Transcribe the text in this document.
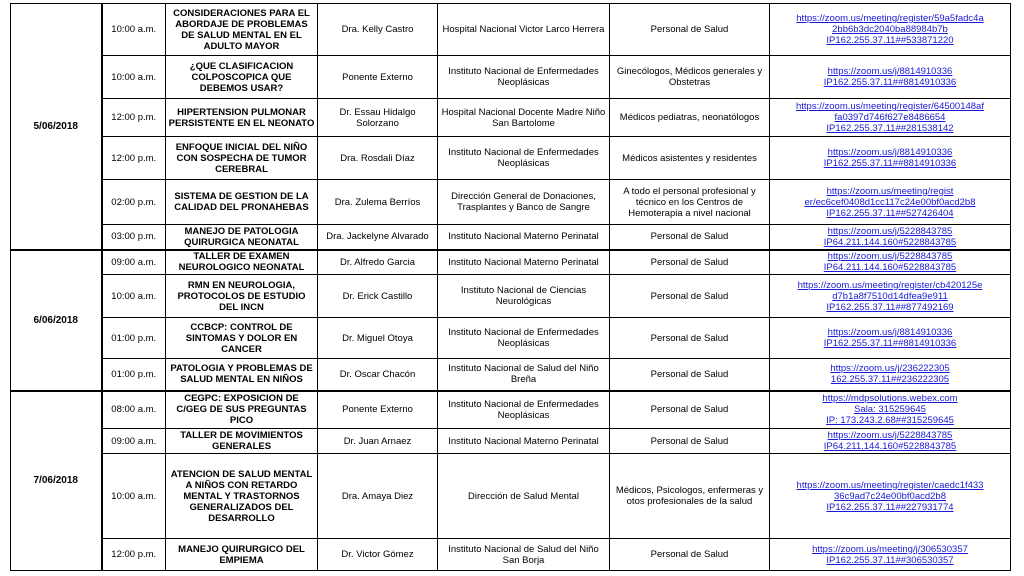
5/06/2018	10:00 a.m.	CONSIDERACIONES PARA EL ABORDAJE DE PROBLEMAS DE SALUD MENTAL EN EL ADULTO MAYOR	Dra. Kelly Castro	Hospital Nacional Victor Larco Herrera	Personal de Salud	https://zoom.us/meeting/register/59a5fadc4a
2bb6b3dc2040ba88984b7b
IP162.255.37.11##533871220

	10:00 a.m.	¿QUE CLASIFICACION COLPOSCOPICA QUE DEBEMOS USAR?	Ponente Externo	Instituto Nacional de Enfermedades Neoplásicas	Ginecólogos, Médicos generales y Obstetras	https://zoom.us/j/8814910336
IP162.255.37.11##8814910336

	12:00 p.m.	HIPERTENSION PULMONAR PERSISTENTE EN EL NEONATO	Dr. Essau Hidalgo Solorzano	Hospital Nacional Docente Madre Niño San Bartolome	Médicos pediatras, neonatólogos	https://zoom.us/meeting/register/64500148af
fa0397d746f627e8486654
IP162.255.37.11##281538142

	12:00 p.m.	ENFOQUE INICIAL DEL NIÑO CON SOSPECHA DE TUMOR CEREBRAL	Dra. Rosdali Díaz	Instituto Nacional de Enfermedades Neoplásicas	Médicos asistentes y residentes	https://zoom.us/j/8814910336
IP162.255.37.11##8814910336

	02:00 p.m.	SISTEMA DE GESTION DE LA CALIDAD DEL PRONAHEBAS	Dra. Zulema Berríos	Dirección General de Donaciones, Trasplantes y Banco de Sangre	A todo el personal profesional y técnico en los Centros de Hemoterapia a nivel nacional	https://zoom.us/meeting/regist
er/ec6cef0408d1cc117c24e00bf0acd2b8
IP162.255.37.11##527426404

	03:00 p.m.	MANEJO DE PATOLOGIA QUIRURGICA NEONATAL	Dra. Jackelyne Alvarado	Instituto Nacional Materno Perinatal	Personal de Salud	https://zoom.us/j/5228843785
IP64.211.144.160#5228843785

6/06/2018	09:00 a.m.	TALLER DE EXAMEN NEUROLOGICO NEONATAL	Dr. Alfredo Garcia	Instituto Nacional Materno Perinatal	Personal de Salud	https://zoom.us/j/5228843785
IP64.211.144.160#5228843785

	10:00 a.m.	RMN EN NEUROLOGIA, PROTOCOLOS DE ESTUDIO DEL INCN	Dr. Erick Castillo	Instituto Nacional de Ciencias Neurológicas	Personal de Salud	https://zoom.us/meeting/register/cb420125e
d7b1a8f7510d14dfea9e911
IP162.255.37.11##877492169

	01:00 p.m.	CCBCP: CONTROL DE SINTOMAS Y DOLOR EN CANCER	Dr. Miguel Otoya	Instituto Nacional de Enfermedades Neoplásicas	Personal de Salud	https://zoom.us/j/8814910336
IP162.255.37.11##8814910336

	01:00 p.m.	PATOLOGIA Y PROBLEMAS DE SALUD MENTAL EN NIÑOS	Dr. Oscar Chacón	Instituto Nacional de Salud del Niño Breña	Personal de Salud	https://zoom.us/j/236222305
162.255.37.11##236222305

7/06/2018	08:00 a.m.	CEGPC: EXPOSICION DE C/GEG DE SUS PREGUNTAS PICO	Ponente Externo	Instituto Nacional de Enfermedades Neoplásicas	Personal de Salud	https://mdpsolutions.webex.com
Sala: 315259645
IP: 173.243.2.68##315259645

	09:00 a.m.	TALLER DE MOVIMIENTOS GENERALES	Dr. Juan Arnaez	Instituto Nacional Materno Perinatal	Personal de Salud	https://zoom.us/j/5228843785
IP64.211.144.160#5228843785

	10:00 a.m.	ATENCION DE SALUD MENTAL A NIÑOS CON RETARDO MENTAL Y TRASTORNOS GENERALIZADOS DEL DESARROLLO	Dra. Amaya Diez	Dirección de Salud Mental	Médicos, Psicologos, enfermeras y otos profesionales de la salud	https://zoom.us/meeting/register/caedc1f433
36c9ad7c24e00bf0acd2b8
IP162.255.37.11##227931774

	12:00 p.m.	MANEJO QUIRURGICO DEL EMPIEMA	Dr. Victor Gómez	Instituto Nacional de Salud del Niño San Borja	Personal de Salud	https://zoom.us/meeting/j/306530357
IP162.255.37.11##306530357
